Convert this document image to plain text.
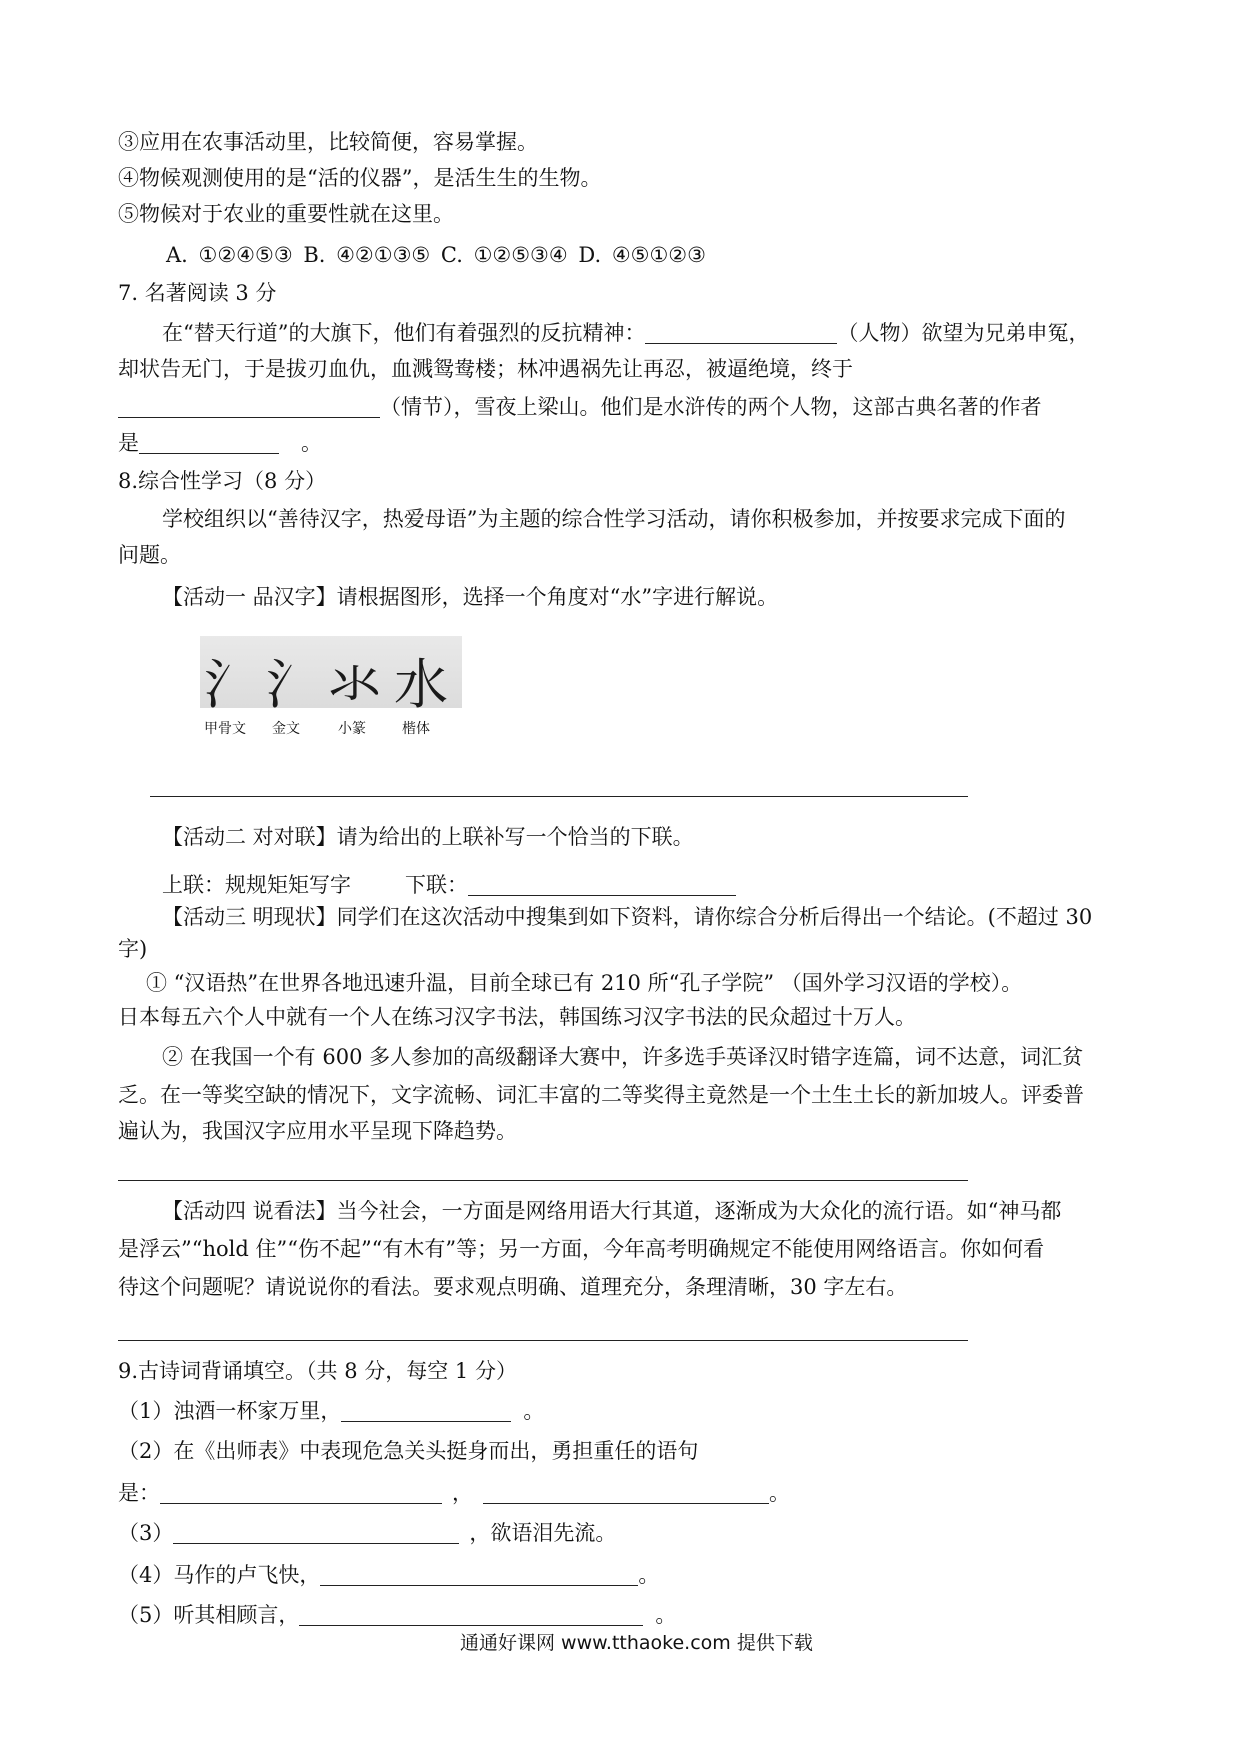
③应用在农事活动里，比较简便，容易掌握。
④物候观测使用的是“活的仪器”，是活生生的生物。
⑤物候对于农业的重要性就在这里。
A. ①②④⑤③ B. ④②①③⑤ C. ①②⑤③④ D. ④⑤①②③
7. 名著阅读 3 分
在“替天行道”的大旗下，他们有着强烈的反抗精神：	（人物）欲望为兄弟申冤，
却状告无门，于是拔刃血仇，血溅鸳鸯楼；林冲遇祸先让再忍，被逼绝境，终于
（情节），雪夜上梁山。他们是水浒传的两个人物，这部古典名著的作者
是	。
8.综合性学习（8 分）
学校组织以“善待汉字，热爱母语”为主题的综合性学习活动，请你积极参加，并按要求完成下面的
问题。
【活动一 品汉字】请根据图形，选择一个角度对“水”字进行解说。
氵 ⺡ 氺 水
甲骨文 金文	小篆	楷体
【活动二 对对联】请为给出的上联补写一个恰当的下联。
上联：规规矩矩写字	下联：
【活动三 明现状】同学们在这次活动中搜集到如下资料，请你综合分析后得出一个结论。(不超过 30
字)
① “汉语热”在世界各地迅速升温，目前全球已有 210 所“孔子学院” （国外学习汉语的学校）。
日本每五六个人中就有一个人在练习汉字书法，韩国练习汉字书法的民众超过十万人。
② 在我国一个有 600 多人参加的高级翻译大赛中，许多选手英译汉时错字连篇，词不达意，词汇贫
乏。在一等奖空缺的情况下，文字流畅、词汇丰富的二等奖得主竟然是一个土生土长的新加坡人。评委普
遍认为，我国汉字应用水平呈现下降趋势。
【活动四 说看法】当今社会，一方面是网络用语大行其道，逐渐成为大众化的流行语。如“神马都
是浮云”“hold 住”“伤不起”“有木有”等；另一方面，今年高考明确规定不能使用网络语言。你如何看
待这个问题呢？请说说你的看法。要求观点明确、道理充分，条理清晰，30 字左右。
9.古诗词背诵填空。（共 8 分，每空 1 分）
（1）浊酒一杯家万里，	。
（2）在《出师表》中表现危急关头挺身而出，勇担重任的语句
是：	，	。
（3）	，欲语泪先流。
（4）马作的卢飞快，	。
（5）听其相顾言，	。
通通好课网 www.tthaoke.com 提供下载
